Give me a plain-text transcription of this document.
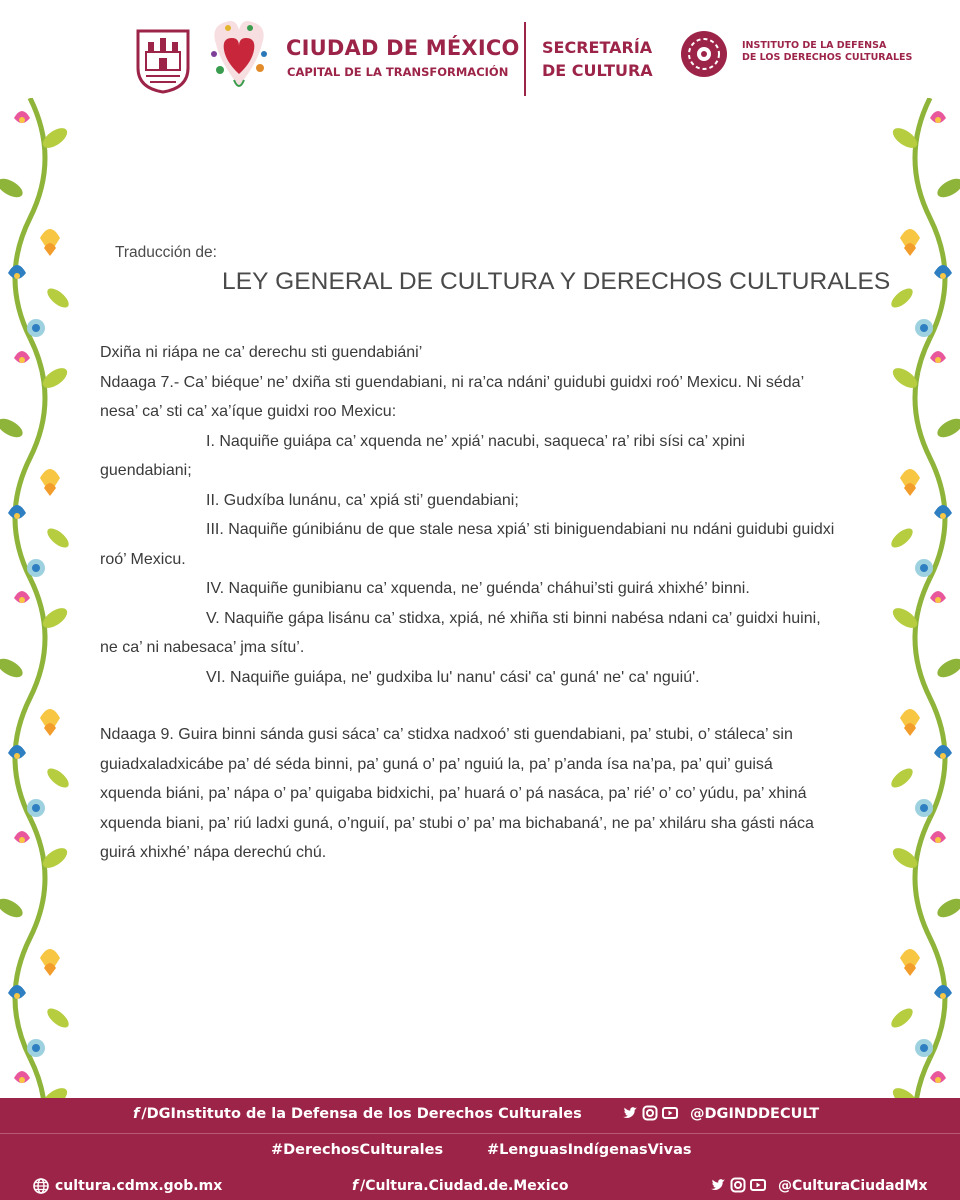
CIUDAD DE MÉXICO
CAPITAL DE LA TRANSFORMACIÓN
SECRETARÍA
DE CULTURA
INSTITUTO DE LA DEFENSA
DE LOS DERECHOS CULTURALES
Traducción de:
LEY GENERAL DE CULTURA Y DERECHOS CULTURALES

Dxiña ni riápa ne ca’ derechu sti guendabiáni’

Ndaaga 7.- Ca’ biéque’ ne’ dxiña sti guendabiani, ni ra’ca ndáni’ guidubi guidxi roó’ Mexicu. Ni séda’ nesa’ ca’ sti ca’ xa’íque guidxi roo Mexicu:

I. Naquiñe guiápa ca’ xquenda ne’ xpiá’ nacubi, saqueca’ ra’ ribi sísi ca’ xpini guendabiani;

II. Gudxíba lunánu, ca’ xpiá sti’ guendabiani;

III. Naquiñe gúnibiánu de que stale nesa xpiá’ sti biniguendabiani nu ndáni guidubi guidxi roó’ Mexicu.

IV. Naquiñe gunibianu ca’ xquenda, ne’ guénda’ cháhui’sti guirá xhixhé’ binni.

V. Naquiñe gápa lisánu ca’ stidxa, xpiá, né xhiña sti binni nabésa ndani ca’ guidxi huini, ne ca’ ni nabesaca’ jma sítu’.

VI. Naquiñe guiápa, ne' gudxiba lu' nanu' cási' ca' guná' ne' ca' nguiú'.

Ndaaga 9. Guira binni sánda gusi sáca’ ca’ stidxa nadxoó’ sti guendabiani, pa’ stubi, o’ stáleca’ sin guiadxaladxicábe pa’ dé séda binni, pa’ guná o’ pa’ nguiú la, pa’ p’anda ísa na’pa, pa’ qui’ guisá xquenda biáni, pa’ nápa o’ pa’ quigaba bidxichi, pa’ huará o’ pá nasáca, pa’ rié’ o’ co’ yúdu, pa’ xhiná xquenda biani, pa’ riú ladxi guná, o’nguií, pa’ stubi o’ pa’ ma bichabaná’, ne pa’ xhiláru sha gásti náca guirá xhixhé’ nápa derechú chú.

f /DGInstituto de la Defensa de los Derechos Culturales	@DGINDDECULT
#DerechosCulturales	#LenguasIndígenasVivas
cultura.cdmx.gob.mx	f /Cultura.Ciudad.de.Mexico	@CulturaCiudadMx
